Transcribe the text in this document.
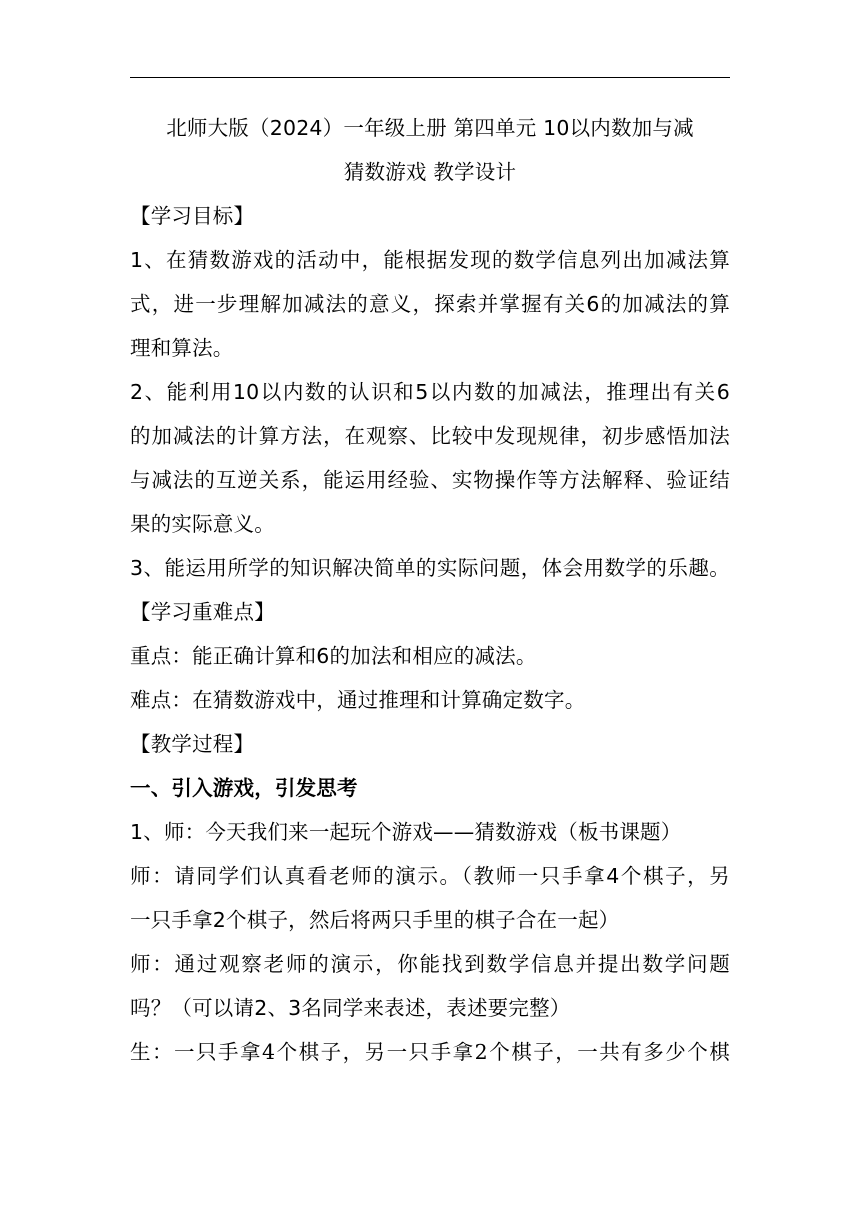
北师大版（2024）一年级上册 第四单元 10以内数加与减
猜数游戏 教学设计
【学习目标】
1、在猜数游戏的活动中，能根据发现的数学信息列出加减法算
式，进一步理解加减法的意义，探索并掌握有关6的加减法的算
理和算法。
2、能利用10以内数的认识和5以内数的加减法，推理出有关6
的加减法的计算方法，在观察、比较中发现规律，初步感悟加法
与减法的互逆关系，能运用经验、实物操作等方法解释、验证结
果的实际意义。
3、能运用所学的知识解决简单的实际问题，体会用数学的乐趣。
【学习重难点】
重点：能正确计算和6的加法和相应的减法。
难点：在猜数游戏中，通过推理和计算确定数字。
【教学过程】
一、引入游戏，引发思考
1、师：今天我们来一起玩个游戏——猜数游戏（板书课题）
师：请同学们认真看老师的演示。（教师一只手拿4个棋子，另
一只手拿2个棋子，然后将两只手里的棋子合在一起）
师：通过观察老师的演示，你能找到数学信息并提出数学问题
吗？（可以请2、3名同学来表述，表述要完整）
生：一只手拿4个棋子，另一只手拿2个棋子，一共有多少个棋
